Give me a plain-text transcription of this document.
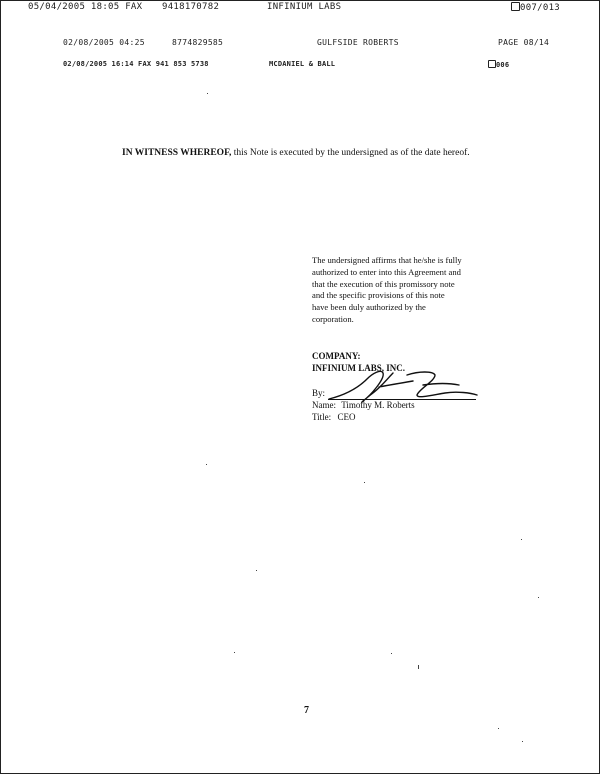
05/04/2005 18:05 FAX 9418170782	INFINIUM LABS	007/013
02/08/2005 04:25	8774829585	GULFSIDE ROBERTS	PAGE 08/14
02/08/2005 16:14 FAX 941 853 5738	MCDANIEL & BALL	006
IN WITNESS WHEREOF, this Note is executed by the undersigned as of the date hereof.
The undersigned affirms that he/she is fully
authorized to enter into this Agreement and
that the execution of this promissory note
and the specific provisions of this note
have been duly authorized by the
corporation.
COMPANY:
INFINIUM LABS, INC.
By:
Name: Timothy M. Roberts
Title: CEO
7
